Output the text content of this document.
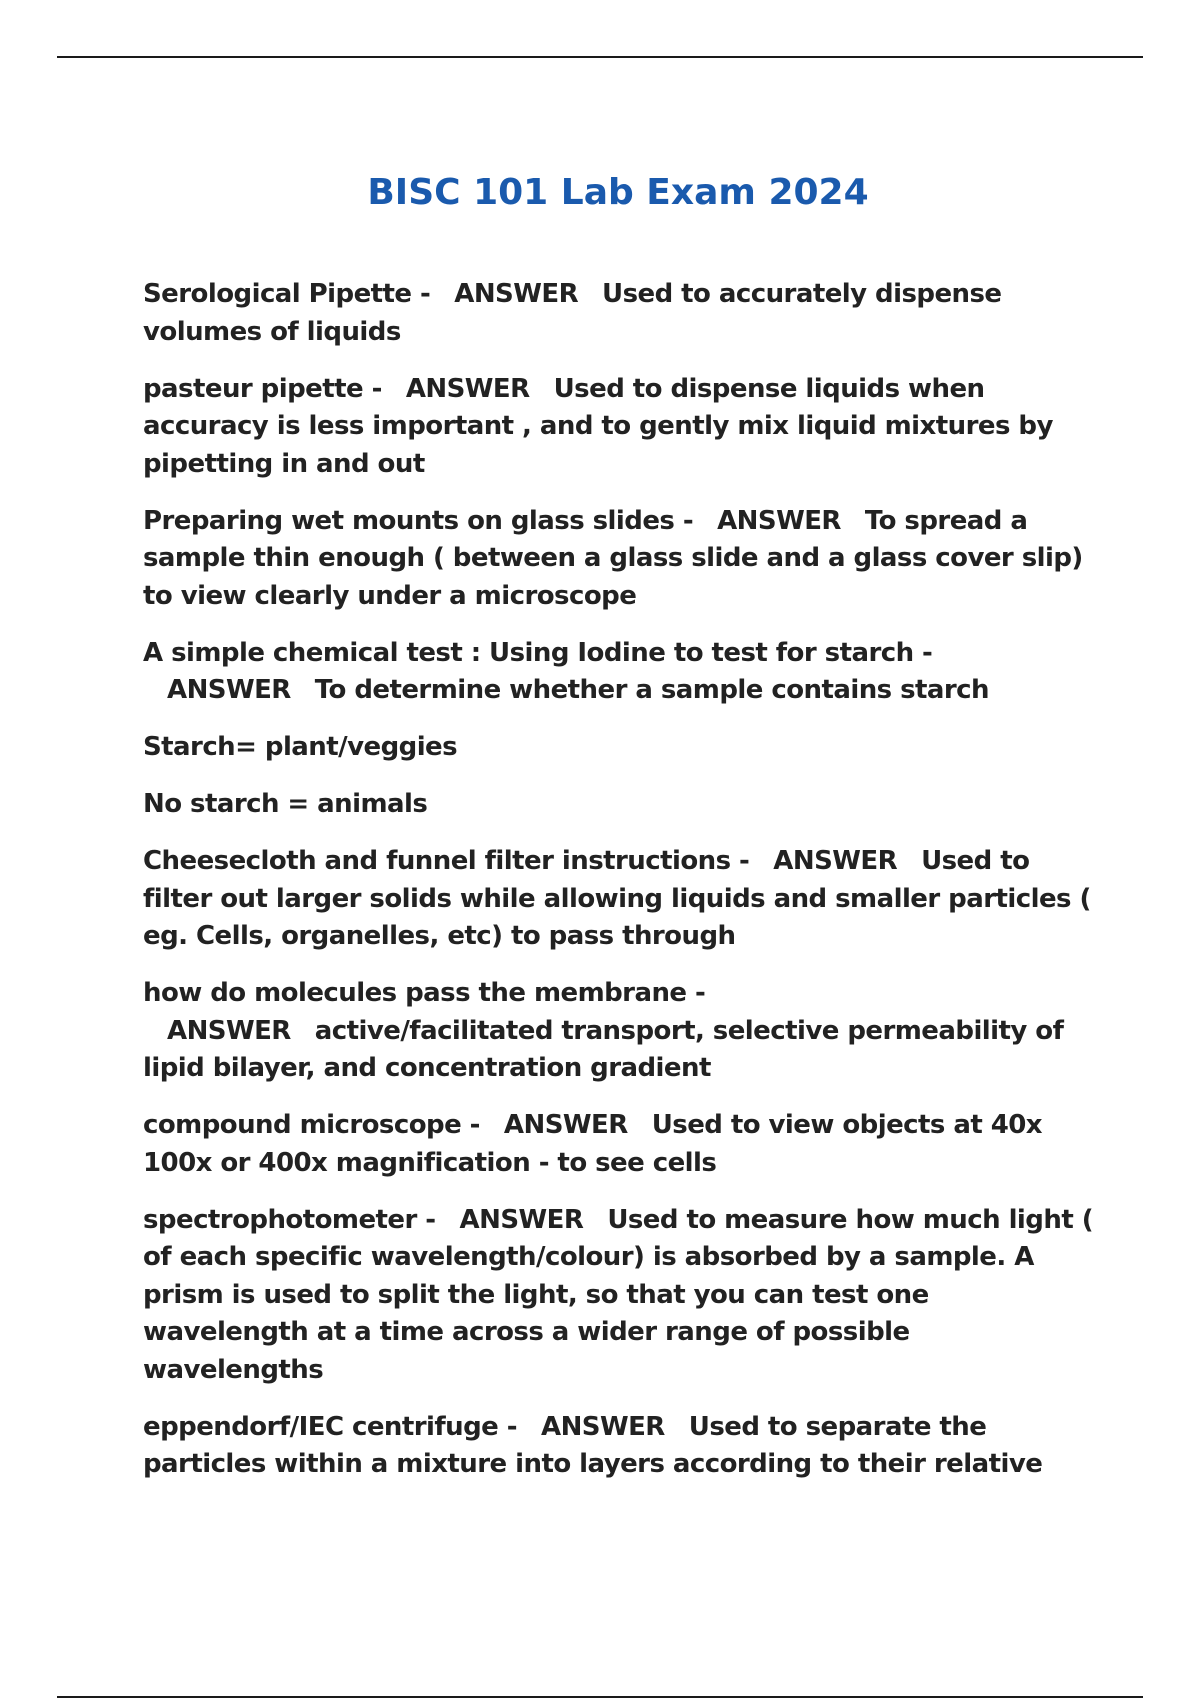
BISC 101 Lab Exam 2024

Serological Pipette - ANSWER Used to accurately dispense volumes of liquids

pasteur pipette - ANSWER Used to dispense liquids when accuracy is less important , and to gently mix liquid mixtures by pipetting in and out

Preparing wet mounts on glass slides - ANSWER To spread a sample thin enough ( between a glass slide and a glass cover slip) to view clearly under a microscope

A simple chemical test : Using Iodine to test for starch -ANSWER To determine whether a sample contains starch

Starch= plant/veggies

No starch = animals

Cheesecloth and funnel filter instructions - ANSWER Used to filter out larger solids while allowing liquids and smaller particles ( eg. Cells, organelles, etc) to pass through

how do molecules pass the membrane -ANSWER active/facilitated transport, selective permeability of lipid bilayer, and concentration gradient

compound microscope - ANSWER Used to view objects at 40x 100x or 400x magnification - to see cells

spectrophotometer - ANSWER Used to measure how much light ( of each specific wavelength/colour) is absorbed by a sample. A prism is used to split the light, so that you can test one wavelength at a time across a wider range of possible wavelengths

eppendorf/IEC centrifuge - ANSWER Used to separate the particles within a mixture into layers according to their relative
